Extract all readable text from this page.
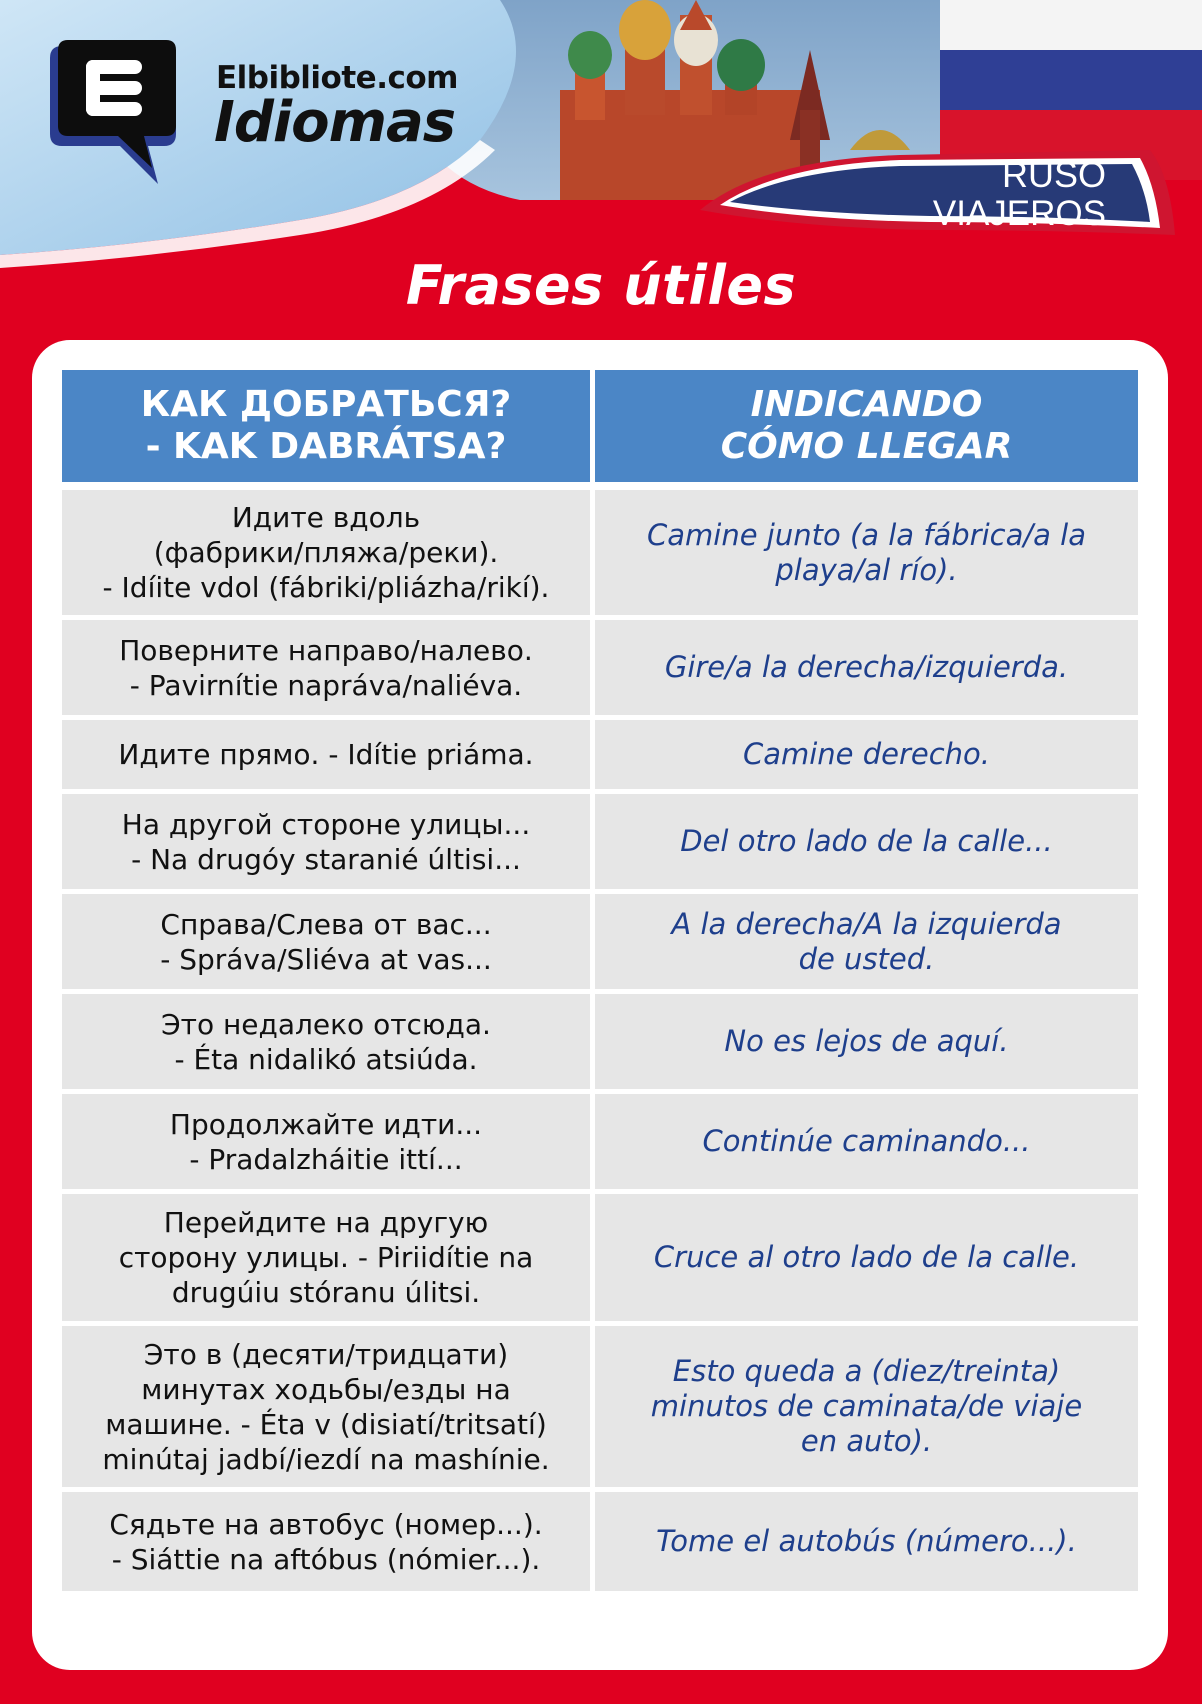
Elbibliote.com

Idiomas

RUSO

VIAJEROS

Frases útiles
КАК ДОБРАТЬСЯ?
- KAK DABRÁTSA?	INDICANDO
CÓMO LLEGAR

Идите вдоль
(фабрики/пляжа/реки).
- Idíite vdol (fábriki/pliázha/rikí).	Camine junto (a la fábrica/a la
playa/al río).

Поверните направо/налево.
- Pavirnítie naprávа/naliéva.	Gire/a la derecha/izquierda.

Идите прямо. - Idítie priáma.	Camine derecho.

На другой стороне улицы...
- Na drugóy staranié últisi...	Del otro lado de la calle...

Справа/Слева от вас...
- Správa/Sliéva at vas...	A la derecha/A la izquierda
de usted.

Это недалеко отсюда.
- Éta nidalikó atsiúda.	No es lejos de aquí.

Продолжайте идти...
- Pradalzháitie ittí...	Continúe caminando...

Перейдите на другую
сторону улицы. - Piriidítie na
drugúiu stóranu úlitsi.	Cruce al otro lado de la calle.

Это в (десяти/тридцати)
минутах ходьбы/езды на
машине. - Éta v (disiatí/tritsatí)
minútaj jadbí/iezdí na mashínie.	Esto queda a (diez/treinta)
minutos de caminata/de viaje
en auto).

Сядьте на автобус (номер...).
- Siáttie na aftóbus (nómier...).	Tome el autobús (número...).
